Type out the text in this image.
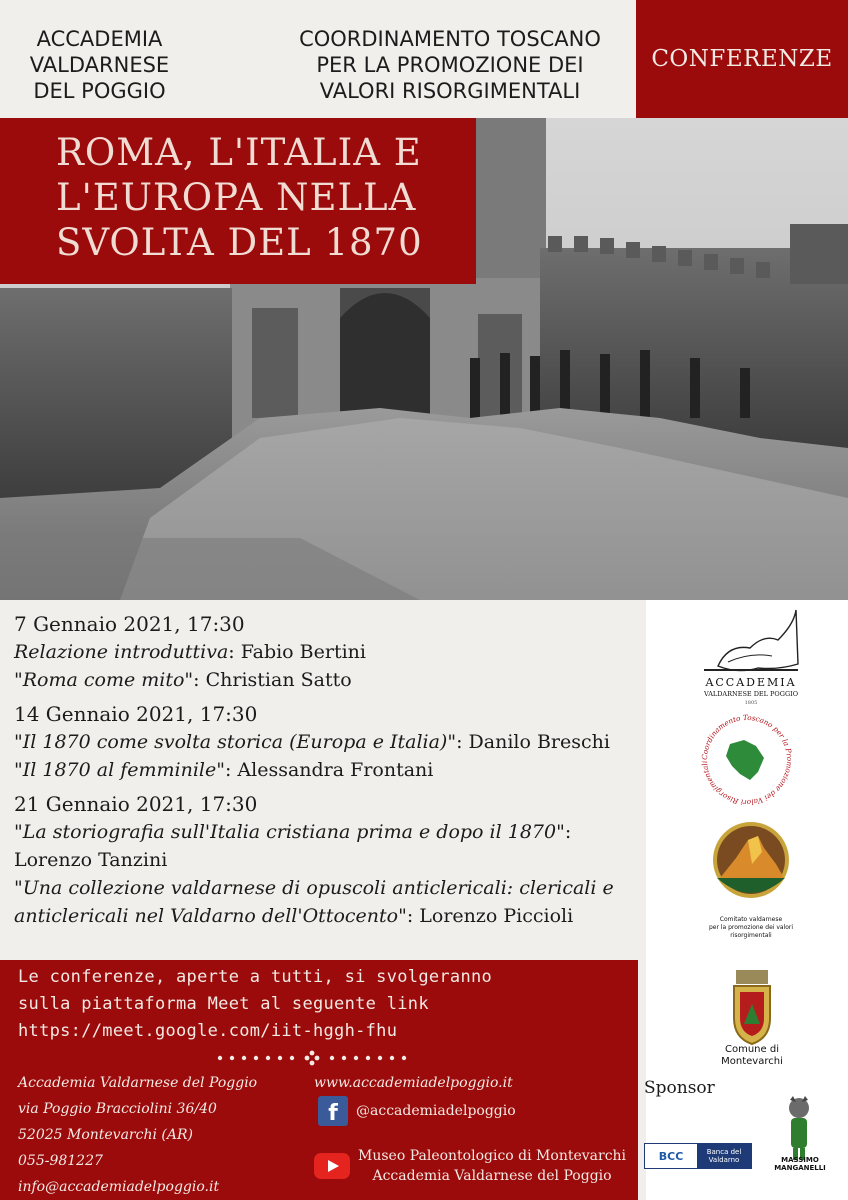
ACCADEMIA
VALDARNESE
DEL POGGIO
COORDINAMENTO TOSCANO
PER LA PROMOZIONE DEI
VALORI RISORGIMENTALI
CONFERENZE
ROMA, L'ITALIA E
L'EUROPA NELLA
SVOLTA DEL 1870
7 Gennaio 2021, 17:30
Relazione introduttiva: Fabio Bertini
"Roma come mito": Christian Satto
14 Gennaio 2021, 17:30
"Il 1870 come svolta storica (Europa e Italia)": Danilo Breschi
"Il 1870 al femminile": Alessandra Frontani
21 Gennaio 2021, 17:30
"La storiografia sull'Italia cristiana prima e dopo il 1870":
Lorenzo Tanzini
"Una collezione valdarnese di opuscoli anticlericali: clericali e
anticlericali nel Valdarno dell'Ottocento": Lorenzo Piccioli
ACCADEMIA
VALDARNESE DEL POGGIO
1805
Coordinamento Toscano per la Promozione dei Valori Risorgimentali
Comitato valdarnese
per la promozione dei valori
risorgimentali
Comune di
Montevarchi
Le conferenze, aperte a tutti, si svolgeranno
sulla piattaforma Meet al seguente link
https://meet.google.com/iit-hggh-fhu
Accademia Valdarnese del Poggio
via Poggio Bracciolini 36/40
52025 Montevarchi (AR)
055-981227
info@accademiadelpoggio.it
www.accademiadelpoggio.it
f	@accademiadelpoggio
Museo Paleontologico di Montevarchi
Accademia Valdarnese del Poggio
Sponsor
BCC	Banca del Valdarno	MASSIMO MANGANELLI
